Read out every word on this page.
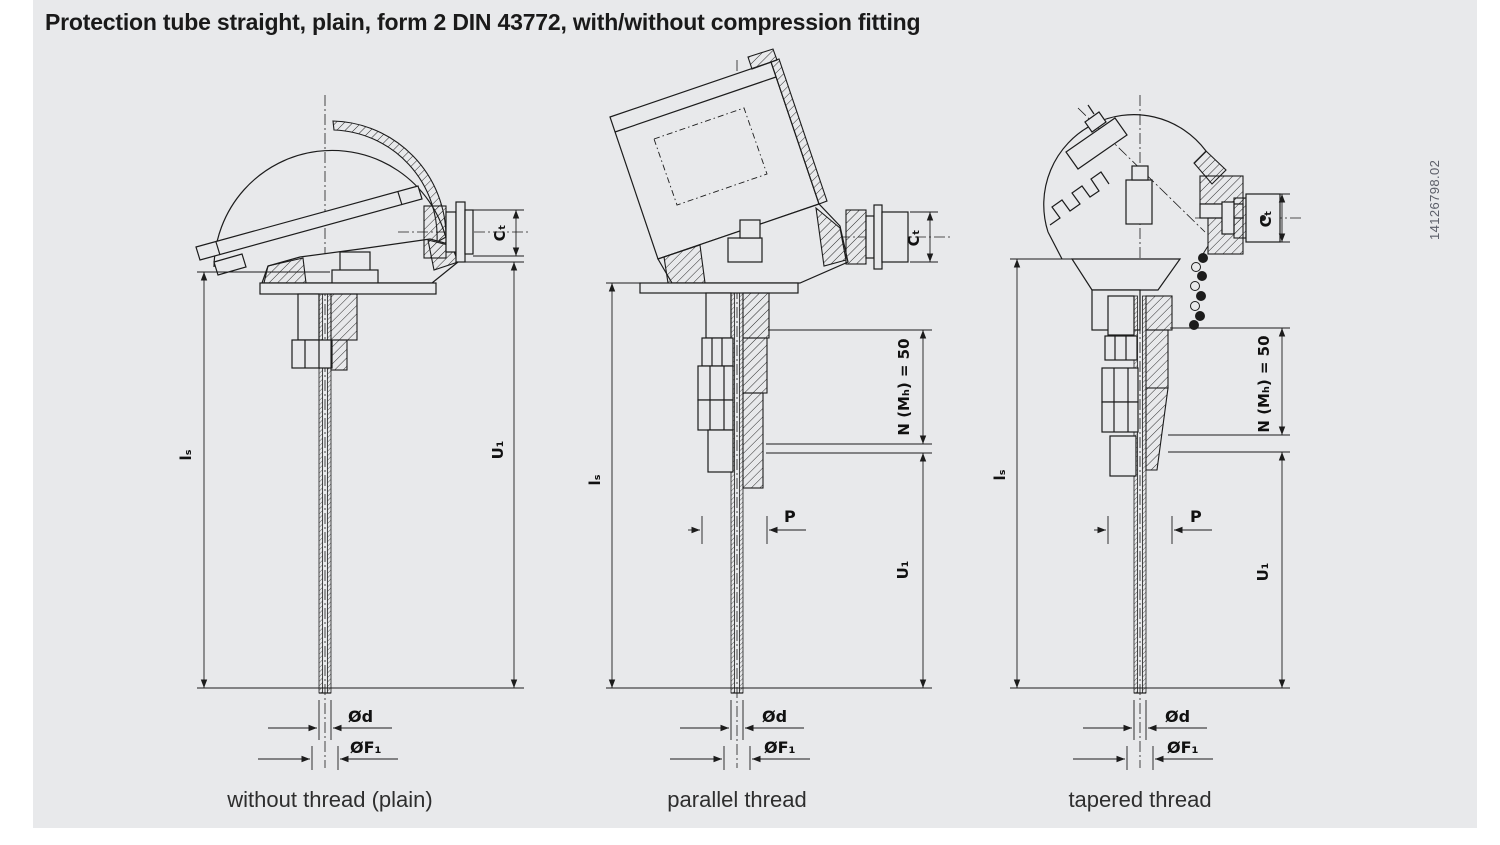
Protection tube straight, plain, form 2 DIN 43772, with/without compression fitting
lₛ	U₁
Cₜ
Ød
ØF₁
lₛ
N (Mₕ) = 50
U₁
Cₜ
P
Ød
ØF₁
lₛ
N (Mₕ) = 50
U₁
Cₜ
P
Ød
ØF₁
without thread (plain)	parallel thread	tapered thread
14126798.02
